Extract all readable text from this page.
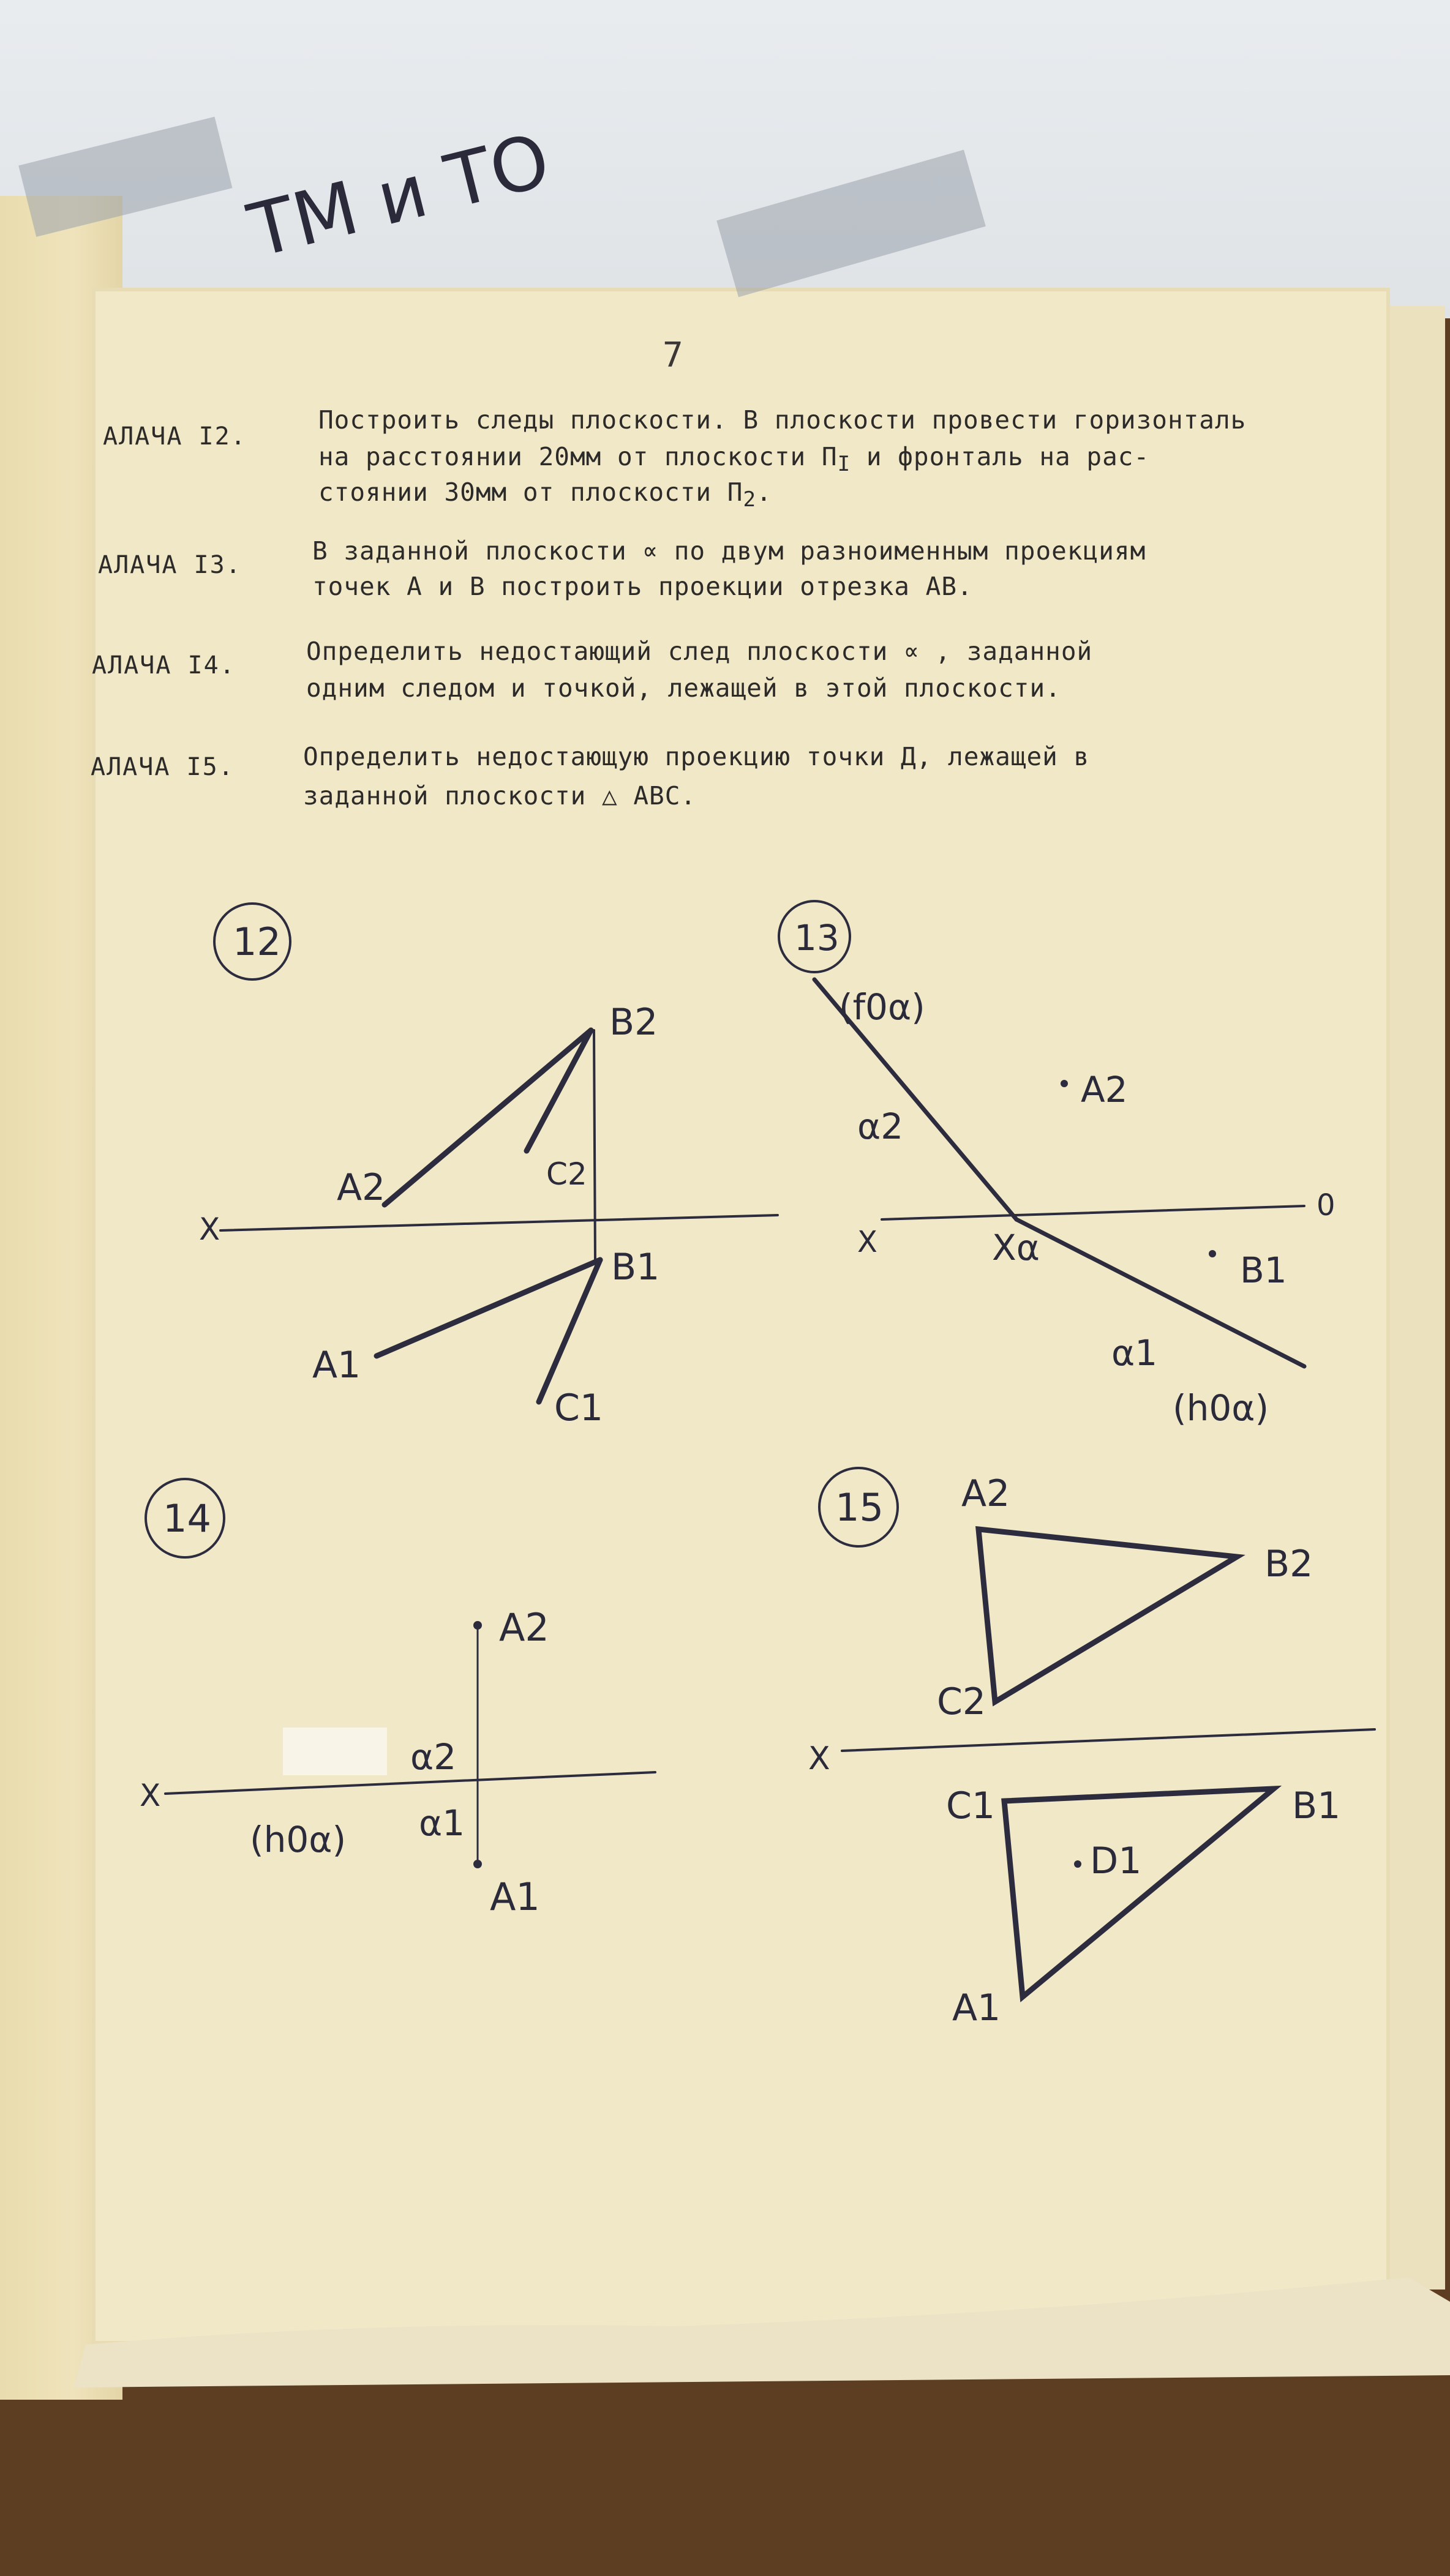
7
АЛАЧА I2.
Построить следы плоскости. В плоскости провести горизонталь
на расстоянии 20мм от плоскости $П_I$ и фронталь на рас-
стоянии 30мм от плоскости $П_2$.
АЛАЧА I3.	В заданной плоскости ∝ по двум разноименным проекциям
точек А и В построить проекции отрезка АВ.
АЛАЧА I4.	Определить недостающий след плоскости ∝ , заданной
одним следом и точкой, лежащей в этой плоскости.
АЛАЧА I5.	Определить недостающую проекцию точки Д, лежащей в
заданной плоскости △ АВС.
ТМ и ТО
12
B2
A2	C2
B1
A1
C1
X
13
(f0α)
α2
A2
X	Xα
0
B1
α1
(h0α)
14
A2
X
α2
(h0α) α1
A1
15 A2
B2
C2
X
C1
D1
B1
A1
